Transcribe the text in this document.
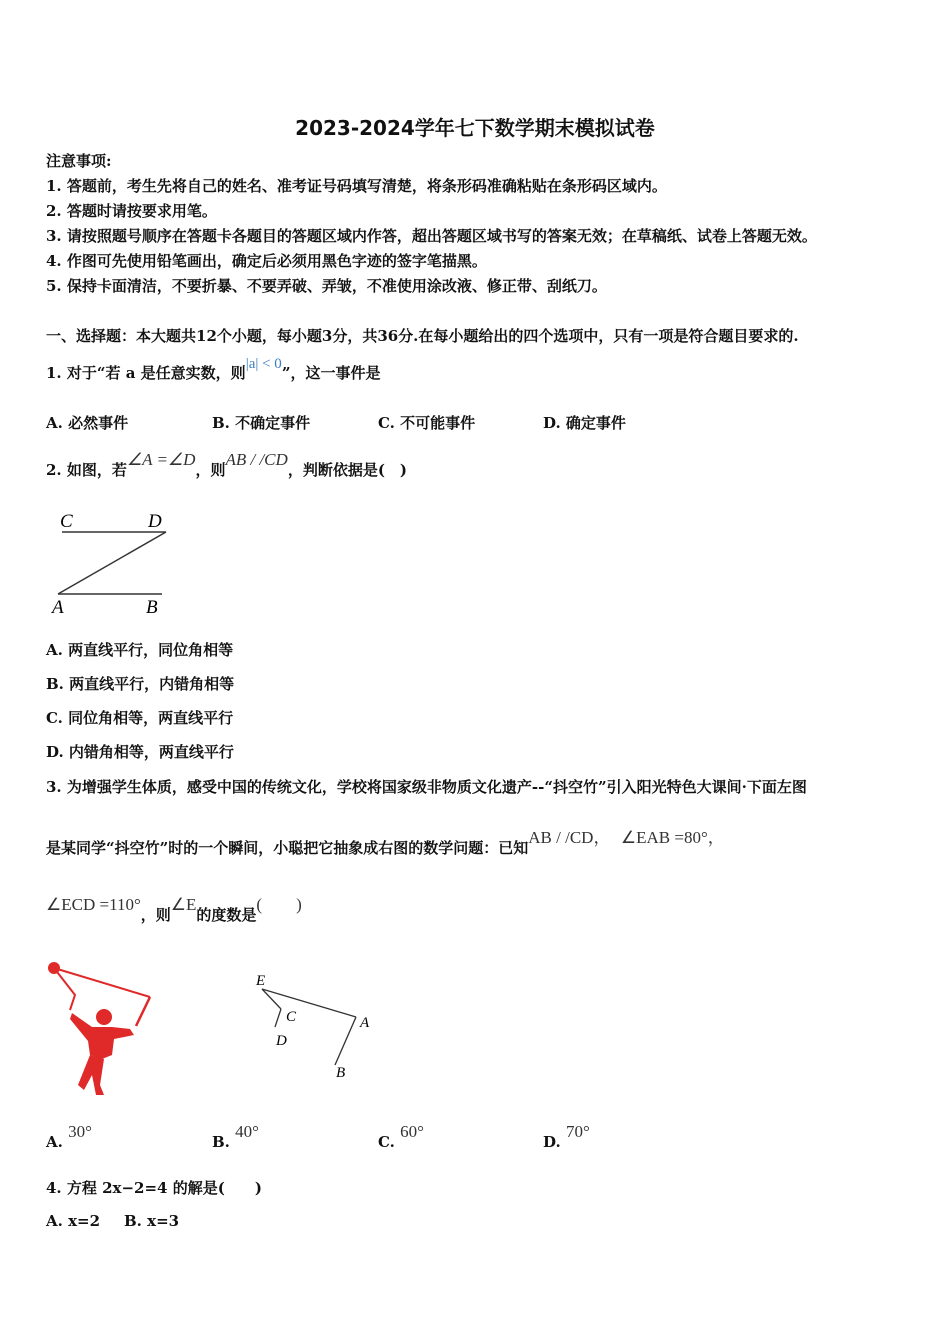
2023-2024学年七下数学期末模拟试卷
注意事项:
1. 答题前，考生先将自己的姓名、准考证号码填写清楚，将条形码准确粘贴在条形码区域内。
2. 答题时请按要求用笔。
3. 请按照题号顺序在答题卡各题目的答题区域内作答，超出答题区域书写的答案无效；在草稿纸、试卷上答题无效。
4. 作图可先使用铅笔画出，确定后必须用黑色字迹的签字笔描黑。
5. 保持卡面清洁，不要折暴、不要弄破、弄皱，不准使用涂改液、修正带、刮纸刀。
一、选择题：本大题共12个小题，每小题3分，共36分.在每小题给出的四个选项中，只有一项是符合题目要求的.
1. 对于“若 a 是任意实数，则|a| < 0”，这一事件是
A. 必然事件	B. 不确定事件	C. 不可能事件	D. 确定事件
2. 如图，若∠A =∠D，则AB / /CD，判断依据是(　)
C	D
A	B
A. 两直线平行，同位角相等
B. 两直线平行，内错角相等
C. 同位角相等，两直线平行
D. 内错角相等，两直线平行
3. 为增强学生体质，感受中国的传统文化，学校将国家级非物质文化遗产--“抖空竹”引入阳光特色大课间·下面左图
是某同学“抖空竹”时的一个瞬间，小聪把它抽象成右图的数学问题：已知AB / /CD， ∠EAB =80°，
∠ECD =110°，则∠E的度数是(　　)
E
C
D
A
B
A. 30°
B. 40°
C. 60°
D. 70°
4. 方程 2x−2=4 的解是(　　)
A. x=2 B. x=3
